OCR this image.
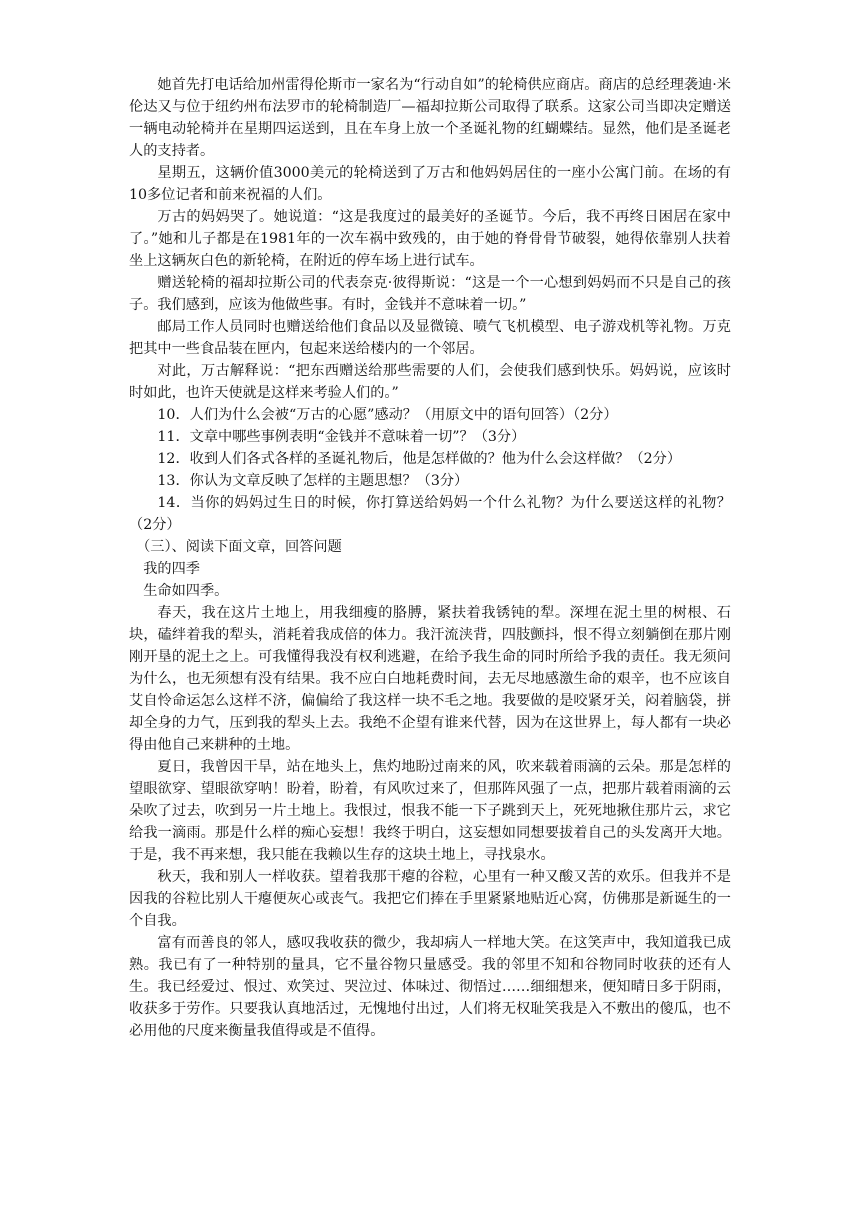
她首先打电话给加州雷得伦斯市一家名为“行动自如”的轮椅供应商店。商店的总经理袭迪·米伦达又与位于纽约州布法罗市的轮椅制造厂—福却拉斯公司取得了联系。这家公司当即决定赠送一辆电动轮椅并在星期四运送到，且在车身上放一个圣诞礼物的红蝴蝶结。显然，他们是圣诞老人的支持者。

星期五，这辆价值3000美元的轮椅送到了万古和他妈妈居住的一座小公寓门前。在场的有10多位记者和前来祝福的人们。

万古的妈妈哭了。她说道：“这是我度过的最美好的圣诞节。今后，我不再终日困居在家中了。”她和儿子都是在1981年的一次车祸中致残的，由于她的脊骨骨节破裂，她得依靠别人扶着坐上这辆灰白色的新轮椅，在附近的停车场上进行试车。

赠送轮椅的福却拉斯公司的代表奈克·彼得斯说：“这是一个一心想到妈妈而不只是自己的孩子。我们感到，应该为他做些事。有时，金钱并不意味着一切。”

邮局工作人员同时也赠送给他们食品以及显微镜、喷气飞机模型、电子游戏机等礼物。万克把其中一些食品装在匣内，包起来送给楼内的一个邻居。

对此，万古解释说：“把东西赠送给那些需要的人们，会使我们感到快乐。妈妈说，应该时时如此，也许天使就是这样来考验人们的。”

10．人们为什么会被“万古的心愿”感动？（用原文中的语句回答）（2分）

11．文章中哪些事例表明“金钱并不意味着一切”？（3分）

12．收到人们各式各样的圣诞礼物后，他是怎样做的？他为什么会这样做？（2分）

13．你认为文章反映了怎样的主题思想？（3分）

14．当你的妈妈过生日的时候，你打算送给妈妈一个什么礼物？为什么要送这样的礼物？（2分）

（三）、阅读下面文章，回答问题

我的四季

生命如四季。

春天，我在这片土地上，用我细瘦的胳膊，紧扶着我锈钝的犁。深埋在泥土里的树根、石块，磕绊着我的犁头，消耗着我成倍的体力。我汗流浃背，四肢颤抖，恨不得立刻躺倒在那片刚刚开垦的泥土之上。可我懂得我没有权利逃避，在给予我生命的同时所给予我的责任。我无须问为什么，也无须想有没有结果。我不应白白地耗费时间，去无尽地感激生命的艰辛，也不应该自艾自怜命运怎么这样不济，偏偏给了我这样一块不毛之地。我要做的是咬紧牙关，闷着脑袋，拼却全身的力气，压到我的犁头上去。我绝不企望有谁来代替，因为在这世界上，每人都有一块必得由他自己来耕种的土地。

夏日，我曾因干旱，站在地头上，焦灼地盼过南来的风，吹来载着雨滴的云朵。那是怎样的望眼欲穿、望眼欲穿呐！盼着，盼着，有风吹过来了，但那阵风强了一点，把那片载着雨滴的云朵吹了过去，吹到另一片土地上。我恨过，恨我不能一下子跳到天上，死死地揪住那片云，求它给我一滴雨。那是什么样的痴心妄想！我终于明白，这妄想如同想要拔着自己的头发离开大地。于是，我不再来想，我只能在我赖以生存的这块土地上，寻找泉水。

秋天，我和别人一样收获。望着我那干瘪的谷粒，心里有一种又酸又苦的欢乐。但我并不是因我的谷粒比别人干瘪便灰心或丧气。我把它们捧在手里紧紧地贴近心窝，仿佛那是新诞生的一个自我。

富有而善良的邻人，感叹我收获的微少，我却病人一样地大笑。在这笑声中，我知道我已成熟。我已有了一种特别的量具，它不量谷物只量感受。我的邻里不知和谷物同时收获的还有人生。我已经爱过、恨过、欢笑过、哭泣过、体味过、彻悟过……细细想来，便知晴日多于阴雨，收获多于劳作。只要我认真地活过，无愧地付出过，人们将无权耻笑我是入不敷出的傻瓜，也不必用他的尺度来衡量我值得或是不值得。
